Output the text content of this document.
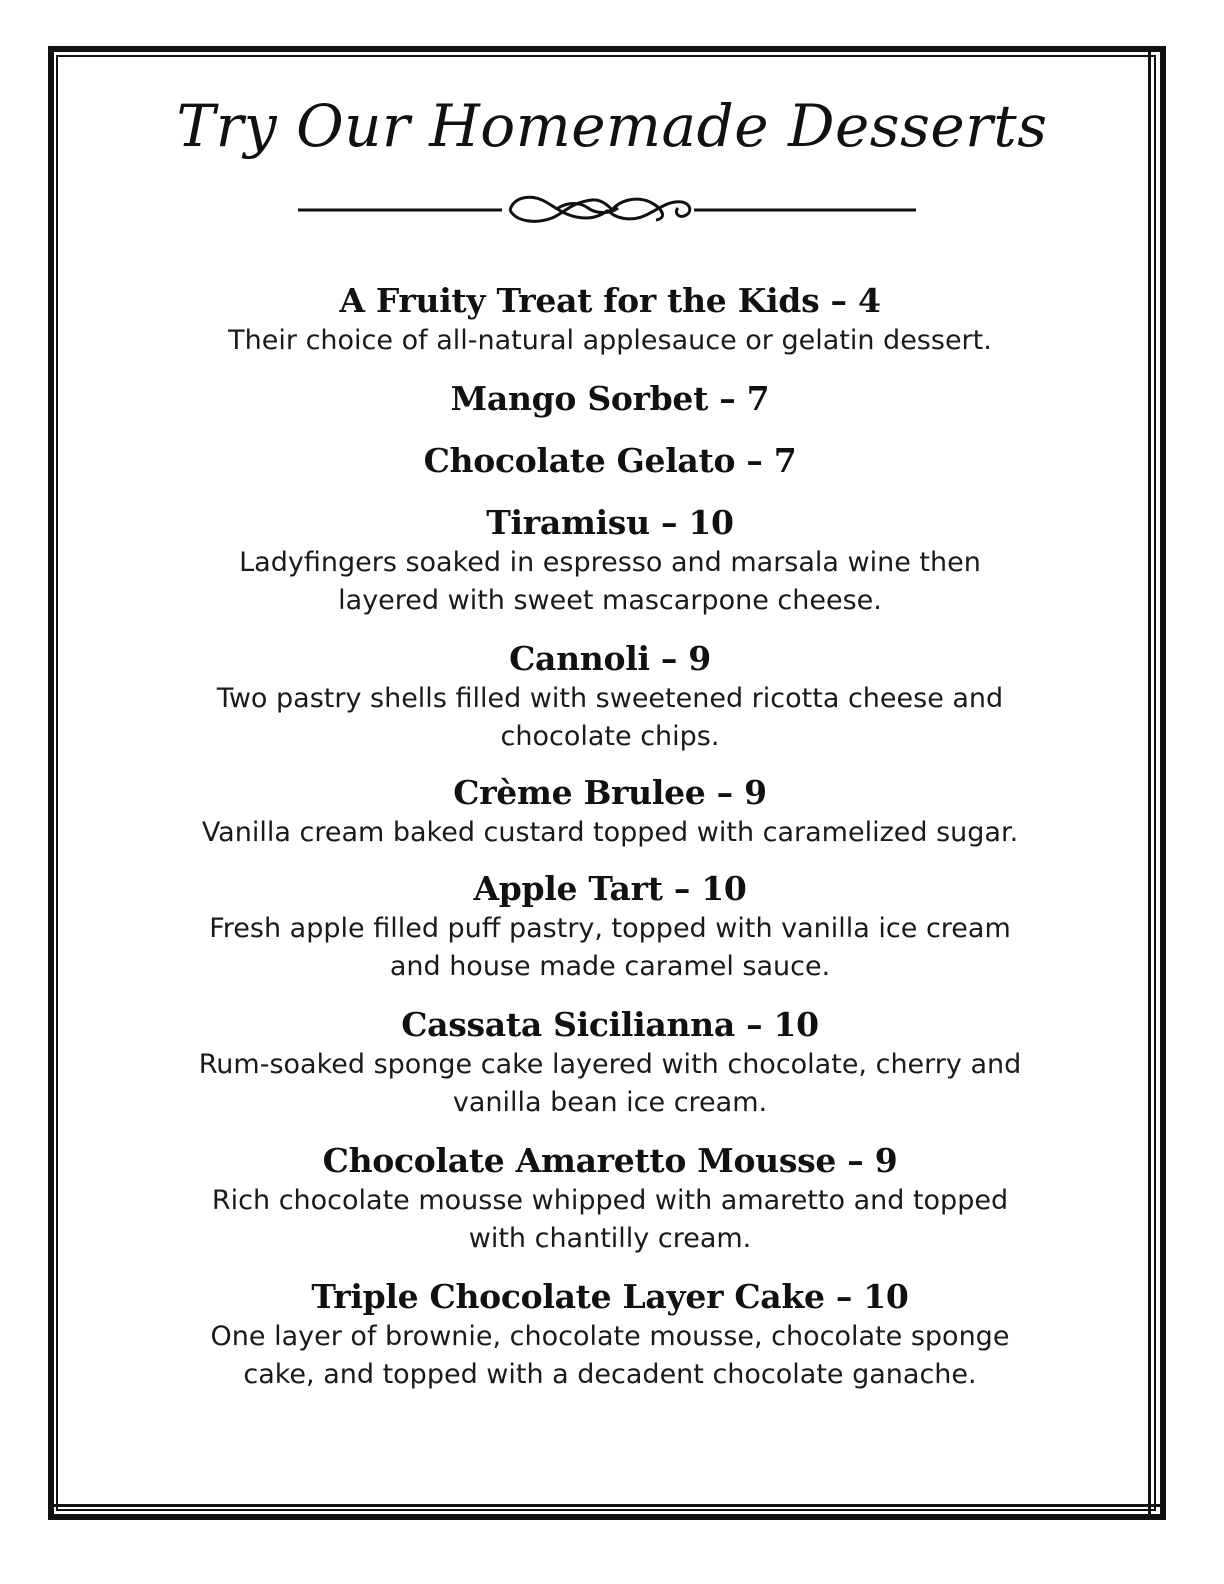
Try Our Homemade Desserts
A Fruity Treat for the Kids – 4
Their choice of all-natural applesauce or gelatin dessert.
Mango Sorbet – 7
Chocolate Gelato – 7
Tiramisu – 10
Ladyfingers soaked in espresso and marsala wine then
layered with sweet mascarpone cheese.
Cannoli – 9
Two pastry shells filled with sweetened ricotta cheese and
chocolate chips.
Crème Brulee – 9
Vanilla cream baked custard topped with caramelized sugar.
Apple Tart – 10
Fresh apple filled puff pastry, topped with vanilla ice cream
and house made caramel sauce.
Cassata Sicilianna – 10
Rum-soaked sponge cake layered with chocolate, cherry and
vanilla bean ice cream.
Chocolate Amaretto Mousse – 9
Rich chocolate mousse whipped with amaretto and topped
with chantilly cream.
Triple Chocolate Layer Cake – 10
One layer of brownie, chocolate mousse, chocolate sponge
cake, and topped with a decadent chocolate ganache.
